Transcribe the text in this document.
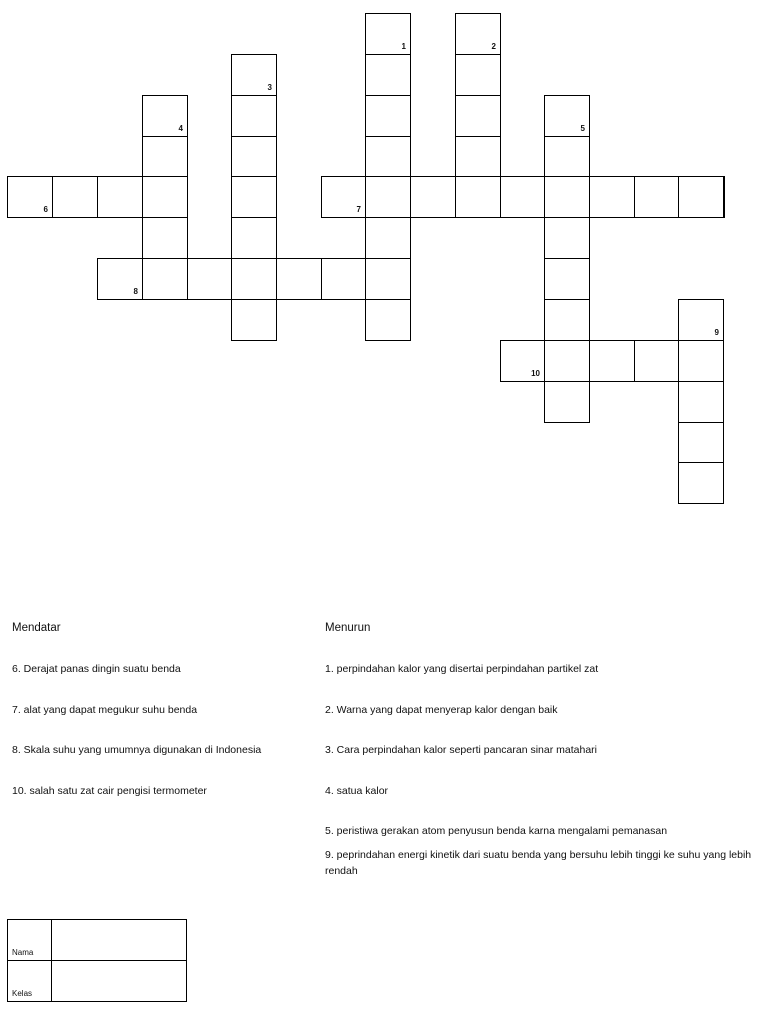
1	2
3
4	5
6	7
8
9
10
Mendatar	Menurun
6. Derajat panas dingin suatu benda
7. alat yang dapat megukur suhu benda
8. Skala suhu yang umumnya digunakan di Indonesia
10. salah satu zat cair pengisi termometer
1. perpindahan kalor yang disertai perpindahan partikel zat
2. Warna yang dapat menyerap kalor dengan baik
3. Cara perpindahan kalor seperti pancaran sinar matahari
4. satua kalor
5. peristiwa gerakan atom penyusun benda karna mengalami pemanasan
9. peprindahan energi kinetik dari suatu benda yang bersuhu lebih tinggi ke suhu yang lebih rendah
Nama	
Kelas	
